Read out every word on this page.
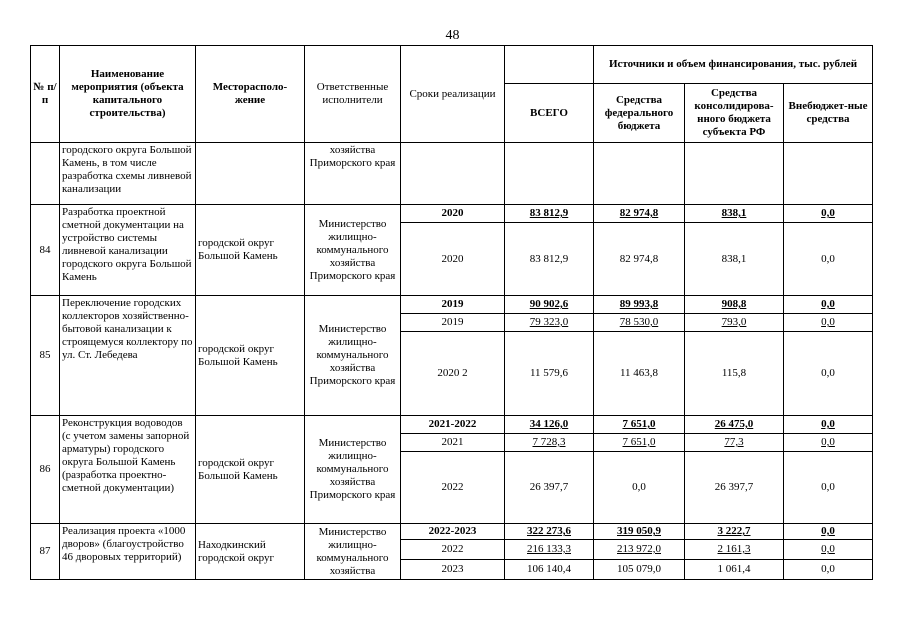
48
№ п/п	Наименование мероприятия (объекта капитального строительства)	Месторасполо-жение	Ответственные исполнители	Сроки реализации		Источники и объем финансирования, тыс. рублей		
					ВСЕГО	Средства федерального бюджета	Средства консолидирова-нного бюджета субъекта РФ	Внебюджет-ные средства
	городского округа Большой Камень, в том числе разработка схемы ливневой канализации		хозяйства Приморского края					
84	Разработка проектной сметной документации на устройство системы ливневой канализации городского округа Большой Камень	городской округ Большой Камень	Министерство жилищно-коммунального хозяйства Приморского края	2020	83 812,9	82 974,8	838,1	0,0
				2020	83 812,9	82 974,8	838,1	0,0
85	Переключение городских коллекторов хозяйственно-бытовой канализации к строящемуся коллектору по ул. Ст. Лебедева	городской округ Большой Камень	Министерство жилищно-коммунального хозяйства Приморского края	2019	90 902,6	89 993,8	908,8	0,0
				2019	79 323,0	78 530,0	793,0	0,0
				2020 2	11 579,6	11 463,8	115,8	0,0
86	Реконструкция водоводов (с учетом замены запорной арматуры) городского округа Большой Камень (разработка проектно-сметной документации)	городской округ Большой Камень	Министерство жилищно-коммунального хозяйства Приморского края	2021-2022	34 126,0	7 651,0	26 475,0	0,0
				2021	7 728,3	7 651,0	77,3	0,0
				2022	26 397,7	0,0	26 397,7	0,0
87	Реализация проекта «1000 дворов» (благоустройство 46 дворовых территорий)	Находкинский городской округ	Министерство жилищно-коммунального хозяйства	2022-2023	322 273,6	319 050,9	3 222,7	0,0
				2022	216 133,3	213 972,0	2 161,3	0,0
				2023	106 140,4	105 079,0	1 061,4	0,0
